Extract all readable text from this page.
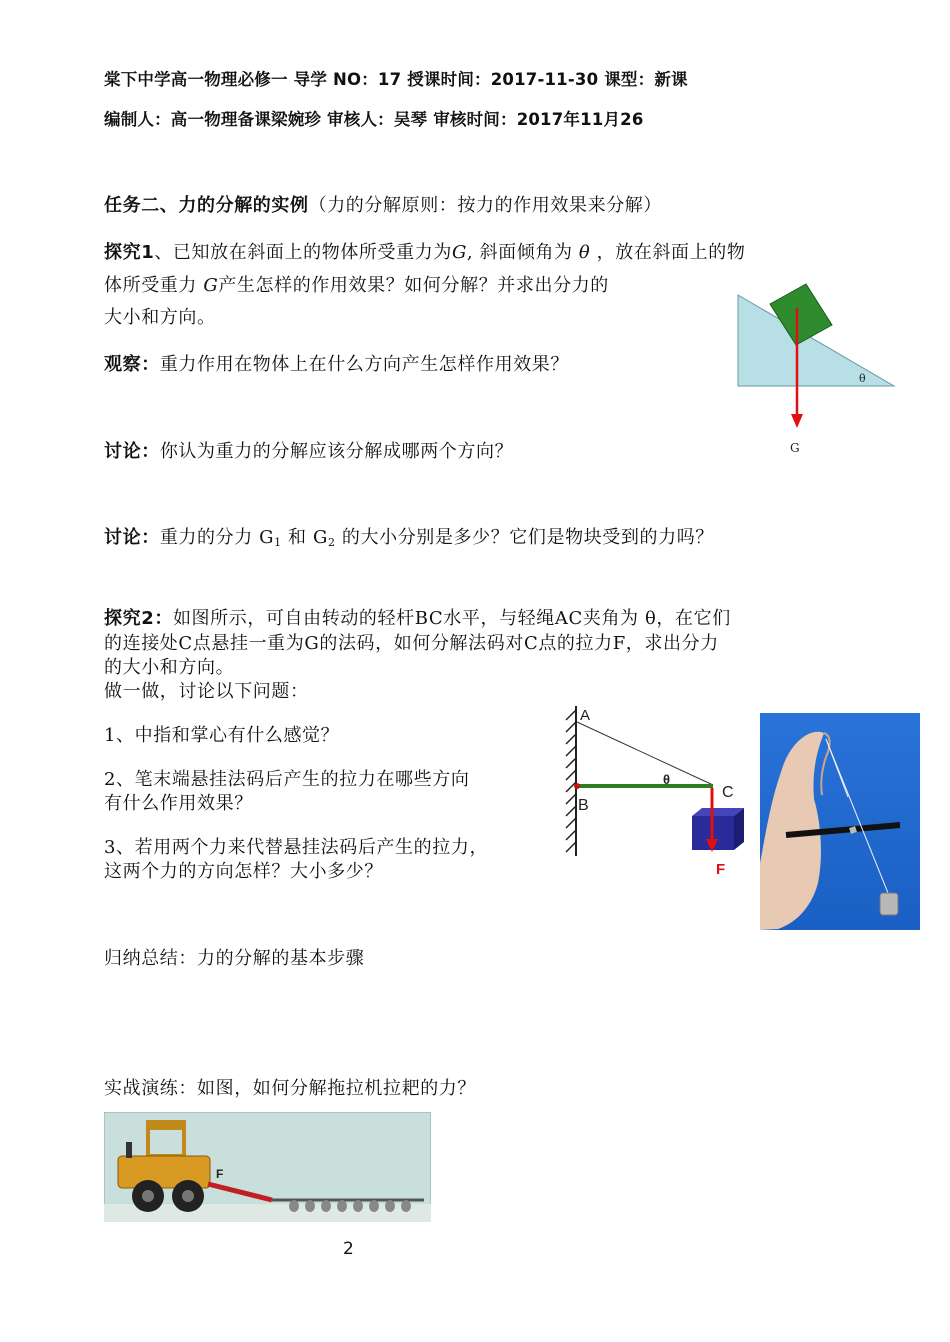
棠下中学高一物理必修一 导学 NO：17 授课时间：2017-11-30 课型：新课
编制人：高一物理备课梁婉珍 审核人：吴琴 审核时间：2017年11月26
任务二、力的分解的实例（力的分解原则：按力的作用效果来分解）
探究1、已知放在斜面上的物体所受重力为G, 斜面倾角为 θ ，放在斜面上的物
体所受重力 G产生怎样的作用效果？如何分解？并求出分力的
大小和方向。
θ
G
观察：重力作用在物体上在什么方向产生怎样作用效果？
讨论：你认为重力的分解应该分解成哪两个方向？
讨论：重力的分力 $G_1$ 和 $G_2$ 的大小分别是多少？它们是物块受到的力吗？
探究2：如图所示，可自由转动的轻杆BC水平，与轻绳AC夹角为 θ，在它们
的连接处C点悬挂一重为G的法码，如何分解法码对C点的拉力F，求出分力
的大小和方向。
做一做，讨论以下问题：
1、中指和掌心有什么感觉？
2、笔末端悬挂法码后产生的拉力在哪些方向
有什么作用效果？
3、若用两个力来代替悬挂法码后产生的拉力，
这两个力的方向怎样？大小多少？
A
B
C
θ
F
归纳总结：力的分解的基本步骤
实战演练：如图，如何分解拖拉机拉耙的力？
F
2
